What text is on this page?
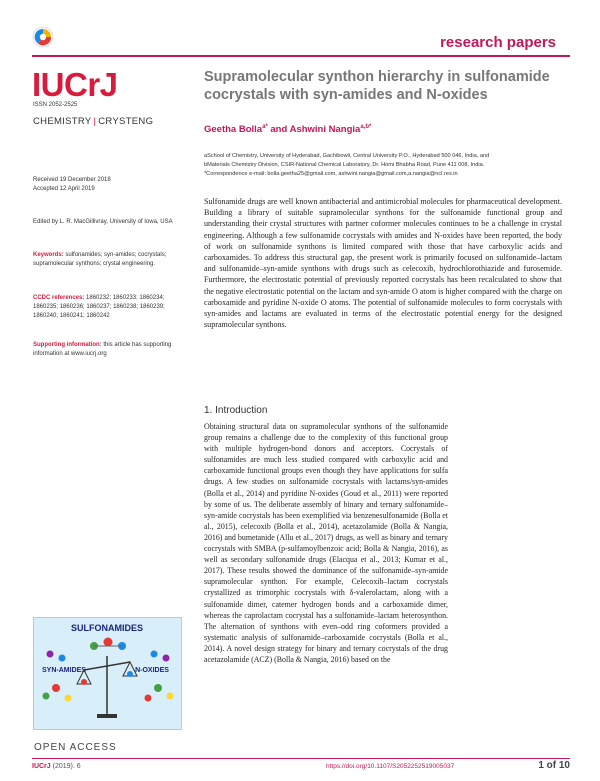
research papers
IUCrJ
ISSN 2052-2525
CHEMISTRY | CRYSTENG
Received 19 December 2018
Accepted 12 April 2019
Edited by L. R. MacGillivray, University of Iowa, USA
Keywords: sulfonamides; syn-amides; cocrystals; supramolecular synthons; crystal engineering.
CCDC references: 1860232; 1860233; 1860234; 1860235; 1860236; 1860237; 1860238; 1860239; 1860240; 1860241; 1860242
Supporting information: this article has supporting information at www.iucrj.org
SULFONAMIDES
SYN-AMIDES	N-OXIDES
OPEN ACCESS
Supramolecular synthon hierarchy in sulfonamide cocrystals with syn-amides and N-oxides
Geetha Bolla$^{a*}$ and Ashwini Nangia$^{a,b*}$
aSchool of Chemistry, University of Hyderabad, Gachibowli, Central University P.O., Hyderabad 500 046, India, and
bMaterials Chemistry Division, CSIR-National Chemical Laboratory, Dr. Homi Bhabha Road, Pune 411 008, India.
*Correspondence e-mail: bolla.geetha25@gmail.com, ashwini.nangia@gmail.com,a.nangia@ncl.res.in
Sulfonamide drugs are well known antibacterial and antimicrobial molecules for pharmaceutical development. Building a library of suitable supramolecular synthons for the sulfonamide functional group and understanding their crystal structures with partner coformer molecules continues to be a challenge in crystal engineering. Although a few sulfonamide cocrystals with amides and N-oxides have been reported, the body of work on sulfonamide synthons is limited compared with those that have carboxylic acids and carboxamides. To address this structural gap, the present work is primarily focused on sulfonamide–lactam and sulfonamide–syn-amide synthons with drugs such as celecoxib, hydrochlorothiazide and furosemide. Furthermore, the electrostatic potential of previously reported cocrystals has been recalculated to show that the negative electrostatic potential on the lactam and syn-amide O atom is higher compared with the charge on carboxamide and pyridine N-oxide O atoms. The potential of sulfonamide molecules to form cocrystals with syn-amides and lactams are evaluated in terms of the electrostatic potential energy for the designed supramolecular synthons.
1. Introduction
Obtaining structural data on supramolecular synthons of the sulfonamide group remains a challenge due to the complexity of this functional group with multiple hydrogen-bond donors and acceptors. Cocrystals of sulfonamides are much less studied compared with carboxylic acid and carboxamide functional groups even though they have applications for sulfa drugs. A few studies on sulfonamide cocrystals with lactams/syn-amides (Bolla et al., 2014) and pyridine N-oxides (Goud et al., 2011) were reported by some of us. The deliberate assembly of binary and ternary sulfonamide–syn-amide cocrystals has been exemplified via benzenesulfonamide (Bolla et al., 2015), celecoxib (Bolla et al., 2014), acetazolamide (Bolla & Nangia, 2016) and bumetanide (Allu et al., 2017) drugs, as well as binary and ternary cocrystals with SMBA (p-sulfamoylbenzoic acid; Bolla & Nangia, 2016), as well as secondary sulfonamide drugs (Elacqua et al., 2013; Kumar et al., 2017). These results showed the dominance of the sulfonamide–syn-amide supramolecular synthon. For example, Celecoxib–lactam cocrystals crystallized as trimorphic cocrystals with δ-valerolactam, along with a sulfonamide dimer, catemer hydrogen bonds and a carboxamide dimer, whereas the caprolactam cocrystal has a sulfonamide–lactam heterosynthon. The alternation of synthons with even–odd ring coformers provided a systematic analysis of sulfonamide–carboxamide cocrystals (Bolla et al., 2014). A novel design strategy for binary and ternary cocrystals of the drug acetazolamide (ACZ) (Bolla & Nangia, 2016) based on the
IUCrJ (2019). 6	https://doi.org/10.1107/S2052252519005037	1 of 10
